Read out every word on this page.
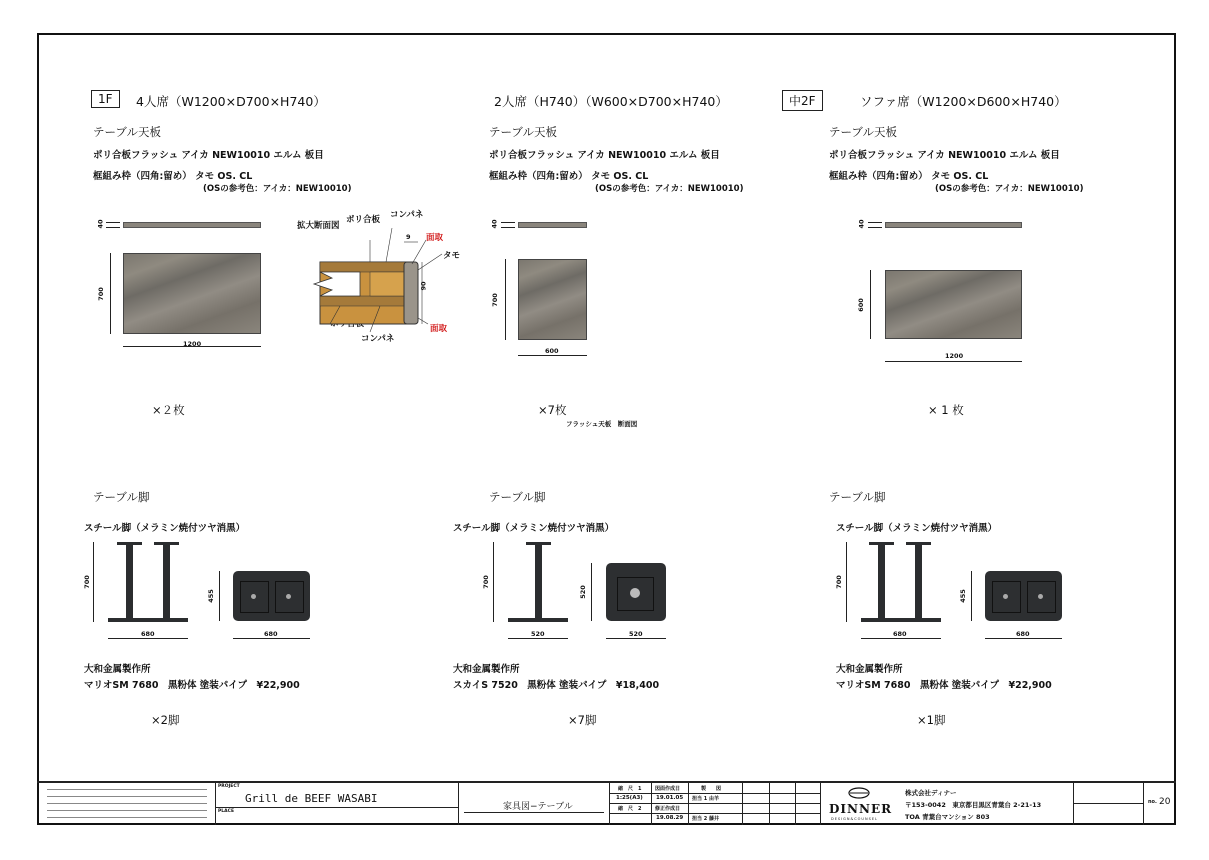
1F	4人席（W1200×D700×H740）
テーブル天板
ポリ合板フラッシュ アイカ NEW10010 エルム 板目
框組み枠（四角:留め） タモ OS. CL
(OSの参考色：アイカ：NEW10010)
40
700
1200
拡大断面図
ポリ合板 コンパネ
9 面取
タモ
90
面取
コンパネ
×２枚
テーブル脚
スチール脚（メラミン焼付ツヤ消黒）
700
680
455
680
大和金属製作所
マリオSM 7680　黒粉体 塗装パイプ　¥22,900
×2脚
2人席（H740）（W600×D700×H740）
テーブル天板
ポリ合板フラッシュ アイカ NEW10010 エルム 板目
框組み枠（四角:留め） タモ OS. CL
(OSの参考色：アイカ：NEW10010)
40
700
600
×7枚
フラッシュ天板　断面図
テーブル脚
スチール脚（メラミン焼付ツヤ消黒）
700
520
520
520
大和金属製作所
スカイS 7520　黒粉体 塗装パイプ　¥18,400
×7脚
中2F	ソファ席（W1200×D600×H740）
テーブル天板
ポリ合板フラッシュ アイカ NEW10010 エルム 板目
框組み枠（四角:留め） タモ OS. CL
(OSの参考色：アイカ：NEW10010)
40
600
1200
× 1 枚
テーブル脚
スチール脚（メラミン焼付ツヤ消黒）
700
680
455
680
大和金属製作所
マリオSM 7680　黒粉体 塗装パイプ　¥22,900
×1脚
PROJECT
Grill de BEEF WASABI
PLACE	家具図−テーブル
縮　尺　1
1:25(A3)
縮　尺　2
図面作成日
19.01.05
修正作成日
19.08.29
製　　図
担当 1 由羊
担当 2 藤井
DINNER
DESIGN&COUNSEL
株式会社ディナー
〒153-0042　東京都目黒区青葉台 2-21-13
TOA 青葉台マンション 803
no. 20
